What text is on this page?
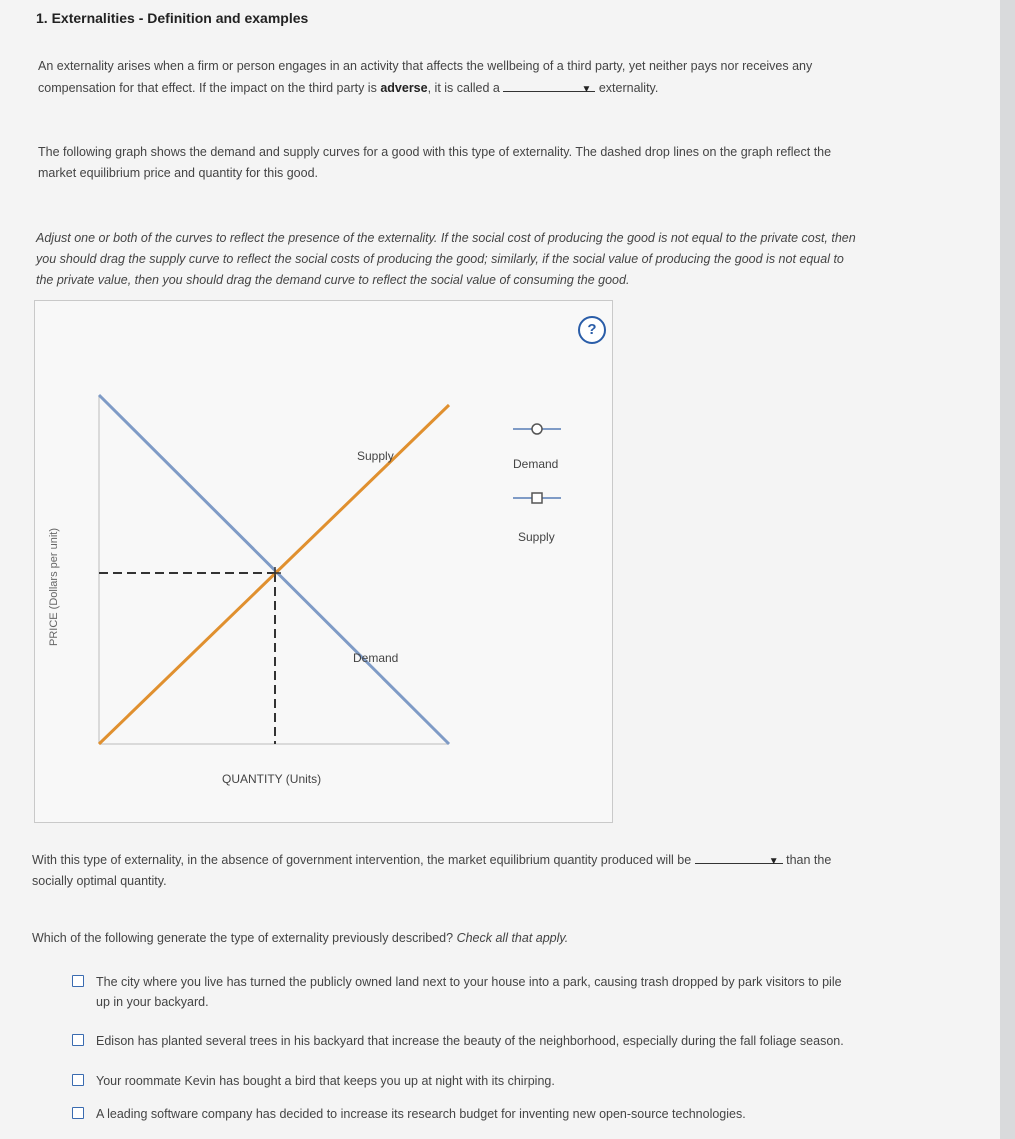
1. Externalities - Definition and examples
An externality arises when a firm or person engages in an activity that affects the wellbeing of a third party, yet neither pays nor receives any
compensation for that effect. If the impact on the third party is adverse, it is called a	▼ externality.
The following graph shows the demand and supply curves for a good with this type of externality. The dashed drop lines on the graph reflect the
market equilibrium price and quantity for this good.
Adjust one or both of the curves to reflect the presence of the externality. If the social cost of producing the good is not equal to the private cost, then
you should drag the supply curve to reflect the social costs of producing the good; similarly, if the social value of producing the good is not equal to
the private value, then you should drag the demand curve to reflect the social value of consuming the good.
?
Supply
Demand
PRICE (Dollars per unit)
QUANTITY (Units)
Demand
Supply
With this type of externality, in the absence of government intervention, the market equilibrium quantity produced will be	▼ than the
socially optimal quantity.
Which of the following generate the type of externality previously described? Check all that apply.
The city where you live has turned the publicly owned land next to your house into a park, causing trash dropped by park visitors to pile
up in your backyard.
Edison has planted several trees in his backyard that increase the beauty of the neighborhood, especially during the fall foliage season.
Your roommate Kevin has bought a bird that keeps you up at night with its chirping.
A leading software company has decided to increase its research budget for inventing new open-source technologies.
